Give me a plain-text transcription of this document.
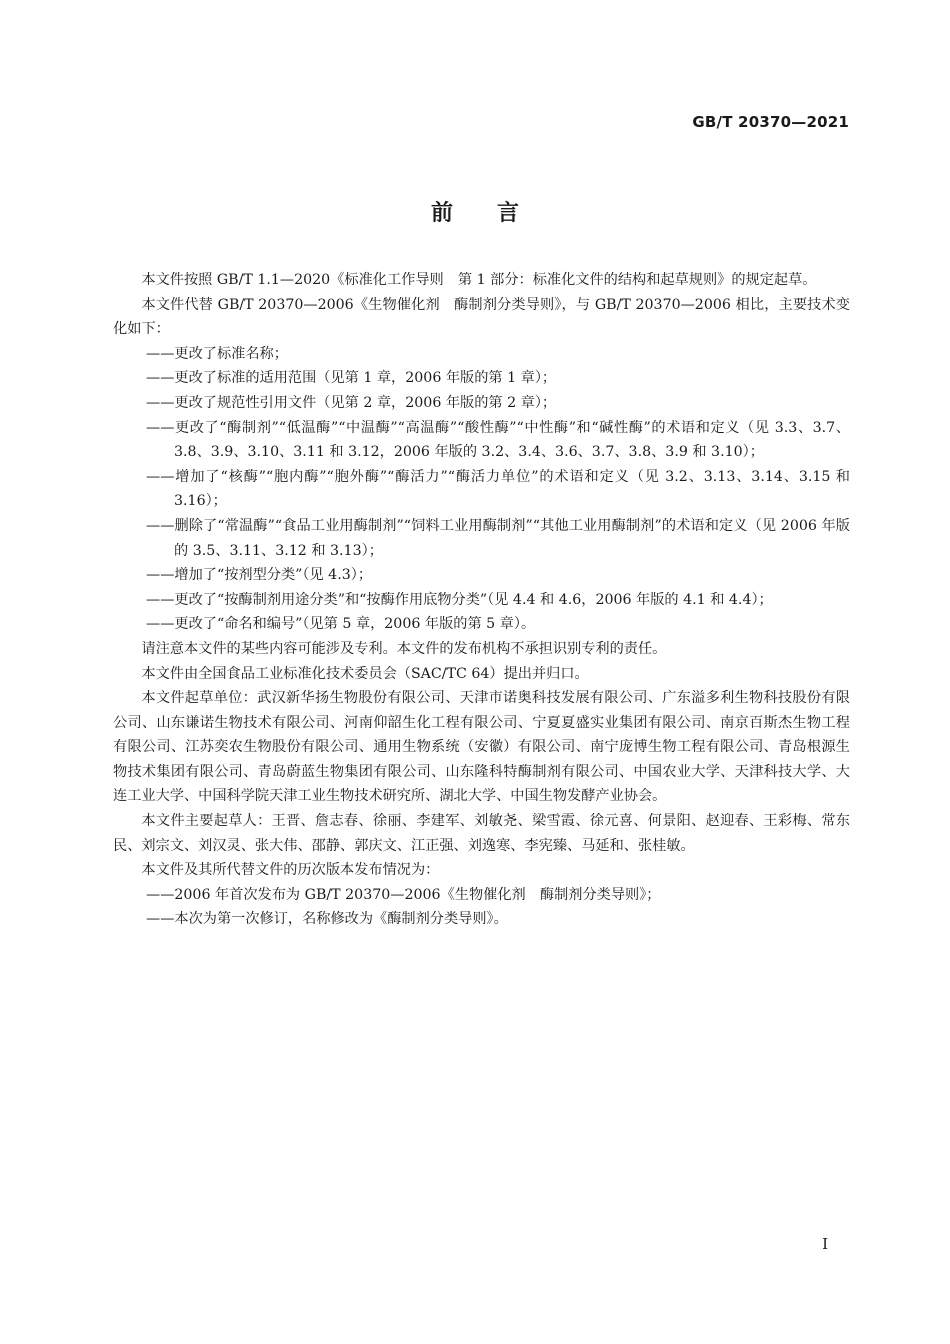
GB/T 20370—2021
前　　言

本文件按照 GB/T 1.1—2020《标准化工作导则　第 1 部分：标准化文件的结构和起草规则》的规定起草。

本文件代替 GB/T 20370—2006《生物催化剂　酶制剂分类导则》，与 GB/T 20370—2006 相比，主要技术变化如下：

——更改了标准名称；

——更改了标准的适用范围（见第 1 章，2006 年版的第 1 章）；

——更改了规范性引用文件（见第 2 章，2006 年版的第 2 章）；

——更改了“酶制剂”“低温酶”“中温酶”“高温酶”“酸性酶”“中性酶”和“碱性酶”的术语和定义（见 3.3、3.7、3.8、3.9、3.10、3.11 和 3.12，2006 年版的 3.2、3.4、3.6、3.7、3.8、3.9 和 3.10）；

——增加了“核酶”“胞内酶”“胞外酶”“酶活力”“酶活力单位”的术语和定义（见 3.2、3.13、3.14、3.15 和 3.16）；

——删除了“常温酶”“食品工业用酶制剂”“饲料工业用酶制剂”“其他工业用酶制剂”的术语和定义（见 2006 年版的 3.5、3.11、3.12 和 3.13）；

——增加了“按剂型分类”（见 4.3）；

——更改了“按酶制剂用途分类”和“按酶作用底物分类”（见 4.4 和 4.6，2006 年版的 4.1 和 4.4）；

——更改了“命名和编号”（见第 5 章，2006 年版的第 5 章）。

请注意本文件的某些内容可能涉及专利。本文件的发布机构不承担识别专利的责任。

本文件由全国食品工业标准化技术委员会（SAC/TC 64）提出并归口。

本文件起草单位：武汉新华扬生物股份有限公司、天津市诺奥科技发展有限公司、广东溢多利生物科技股份有限公司、山东谦诺生物技术有限公司、河南仰韶生化工程有限公司、宁夏夏盛实业集团有限公司、南京百斯杰生物工程有限公司、江苏奕农生物股份有限公司、通用生物系统（安徽）有限公司、南宁庞博生物工程有限公司、青岛根源生物技术集团有限公司、青岛蔚蓝生物集团有限公司、山东隆科特酶制剂有限公司、中国农业大学、天津科技大学、大连工业大学、中国科学院天津工业生物技术研究所、湖北大学、中国生物发酵产业协会。

本文件主要起草人：王晋、詹志春、徐丽、李建军、刘敏尧、梁雪霞、徐元喜、何景阳、赵迎春、王彩梅、常东民、刘宗文、刘汉灵、张大伟、邵静、郭庆文、江正强、刘逸寒、李宪臻、马延和、张桂敏。

本文件及其所代替文件的历次版本发布情况为：

——2006 年首次发布为 GB/T 20370—2006《生物催化剂　酶制剂分类导则》；

——本次为第一次修订，名称修改为《酶制剂分类导则》。

I
